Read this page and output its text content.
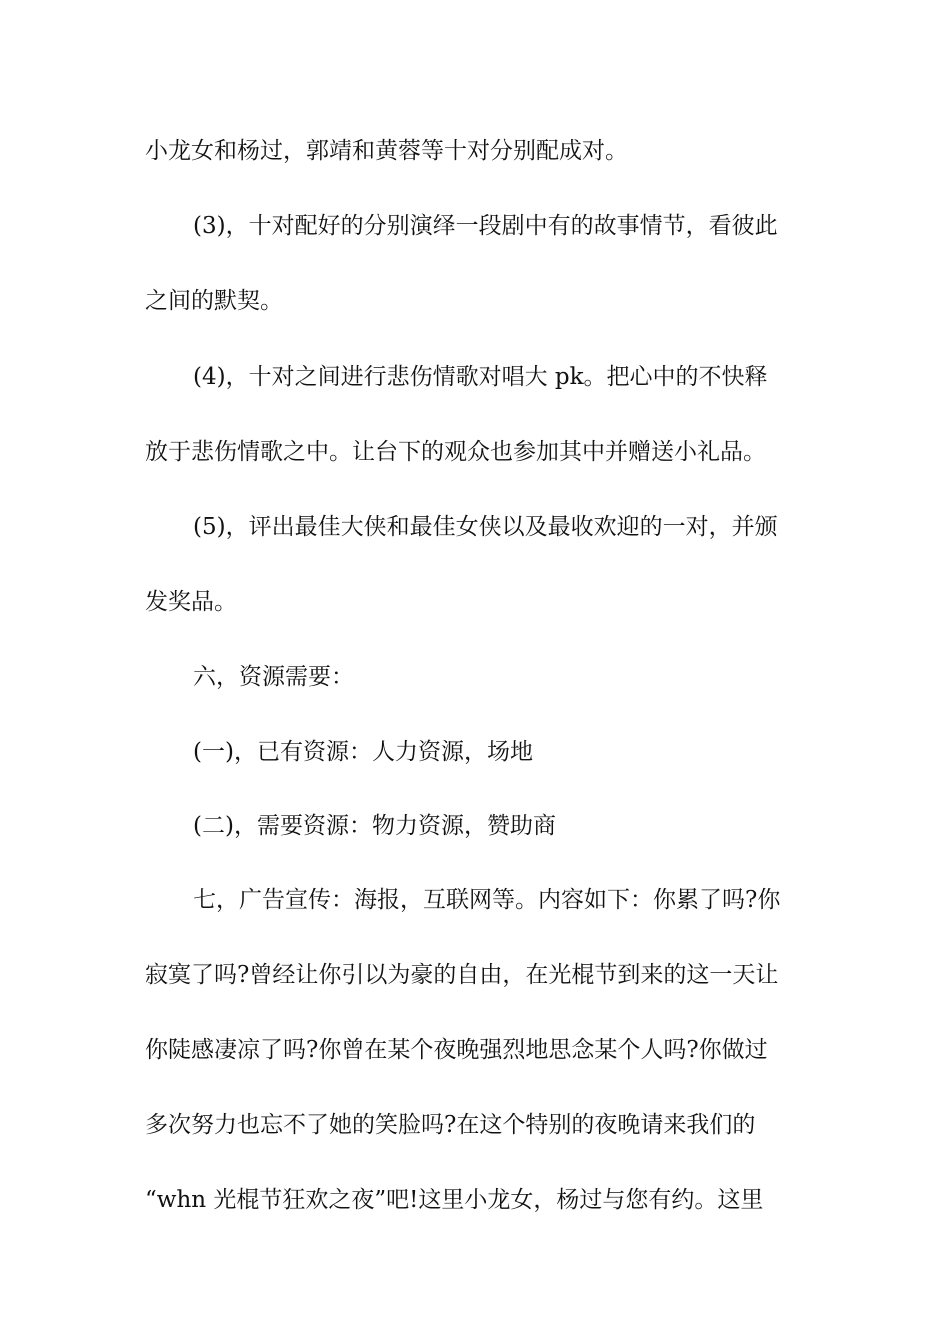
小龙女和杨过，郭靖和黄蓉等十对分别配成对。
(3)，十对配好的分别演绎一段剧中有的故事情节，看彼此
之间的默契。
(4)，十对之间进行悲伤情歌对唱大 pk。把心中的不快释
放于悲伤情歌之中。让台下的观众也参加其中并赠送小礼品。
(5)，评出最佳大侠和最佳女侠以及最收欢迎的一对，并颁
发奖品。
六，资源需要：
(一)，已有资源：人力资源，场地
(二)，需要资源：物力资源，赞助商
七，广告宣传：海报，互联网等。内容如下：你累了吗?你
寂寞了吗?曾经让你引以为豪的自由，在光棍节到来的这一天让
你陡感凄凉了吗?你曾在某个夜晚强烈地思念某个人吗?你做过
多次努力也忘不了她的笑脸吗?在这个特别的夜晚请来我们的
“whn 光棍节狂欢之夜”吧!这里小龙女，杨过与您有约。这里
